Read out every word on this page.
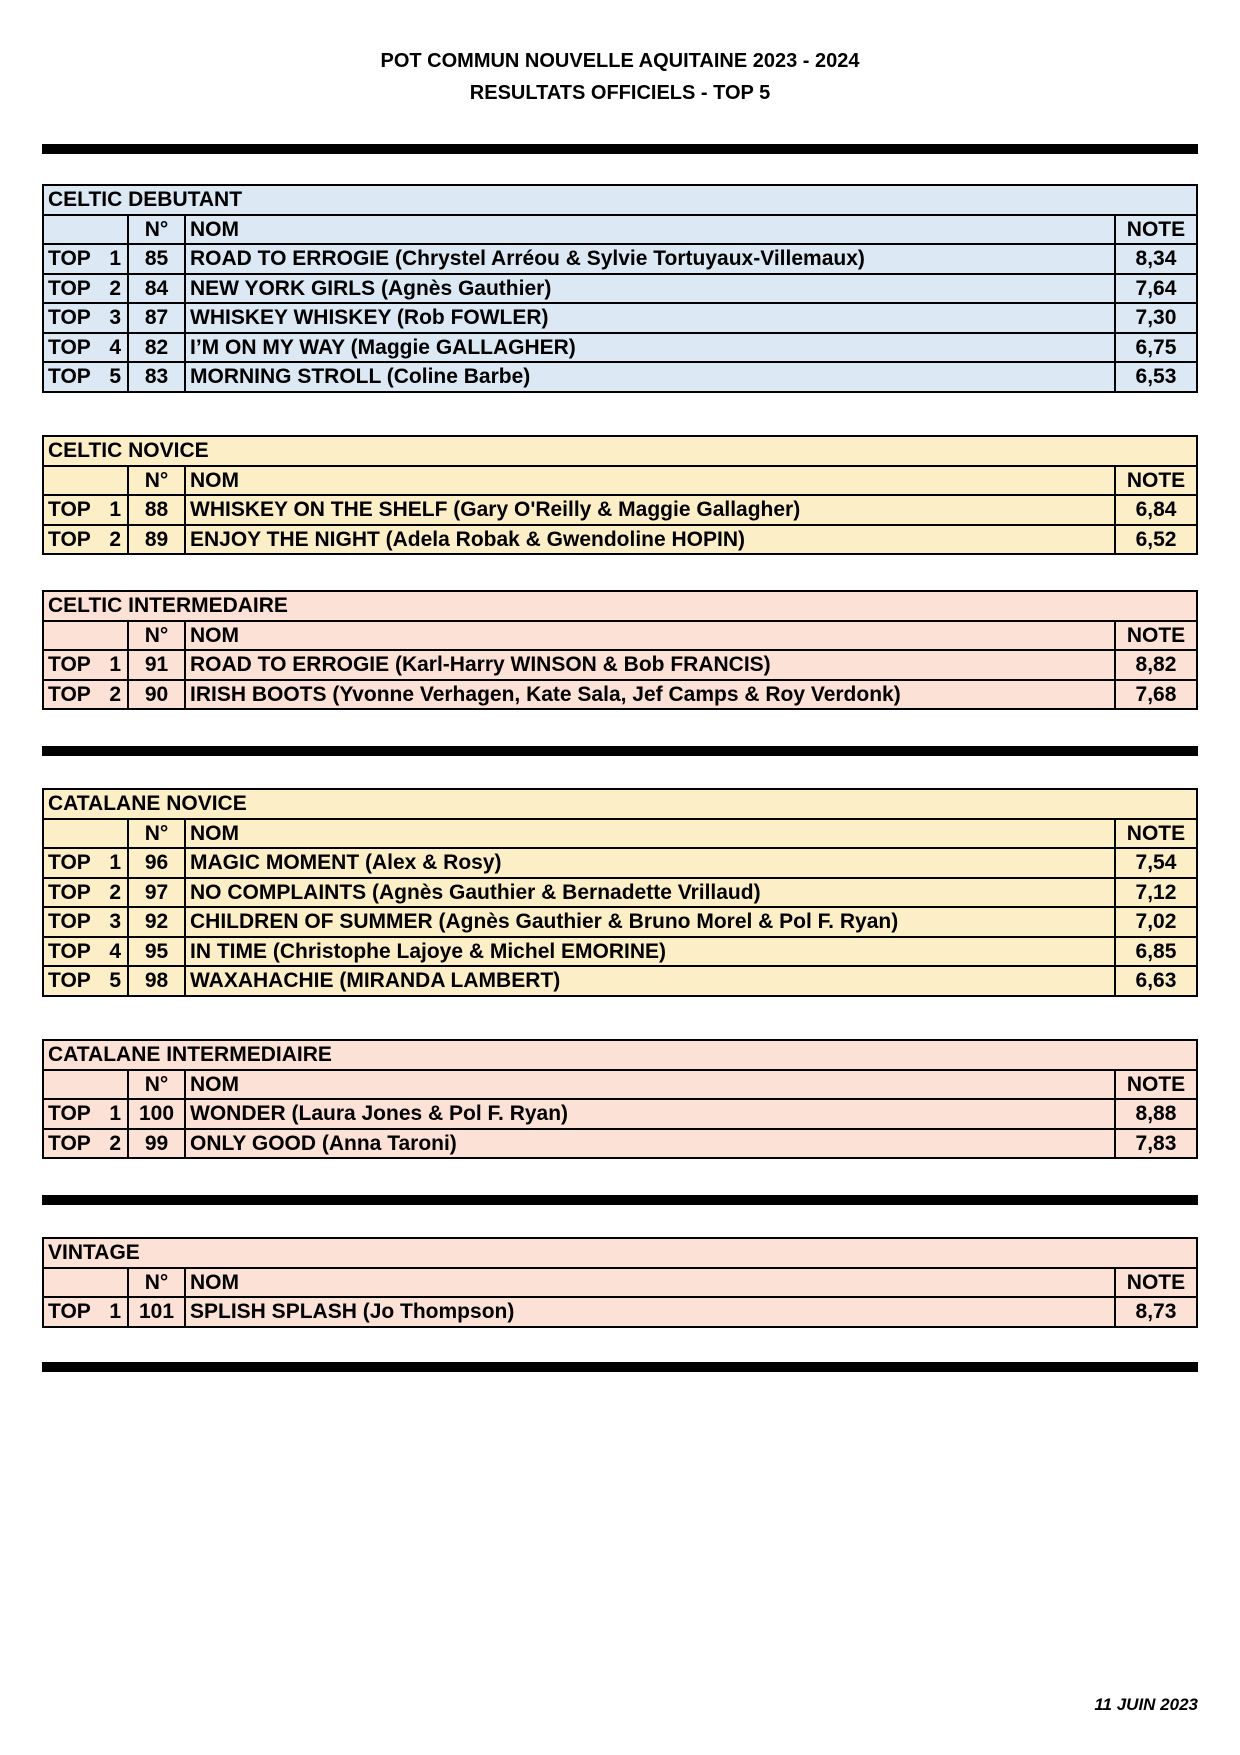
POT COMMUN NOUVELLE AQUITAINE 2023 - 2024
RESULTATS OFFICIELS - TOP 5
CELTIC DEBUTANT			
	N°	NOM	NOTE

TOP 1	85	ROAD TO ERROGIE (Chrystel Arréou & Sylvie Tortuyaux-Villemaux)	8,34

TOP 2	84	NEW YORK GIRLS (Agnès Gauthier)	7,64

TOP 3	87	WHISKEY WHISKEY (Rob FOWLER)	7,30

TOP 4	82	I’M ON MY WAY (Maggie GALLAGHER)	6,75

TOP 5	83	MORNING STROLL (Coline Barbe)	6,53
CELTIC NOVICE			
	N°	NOM	NOTE

TOP 1	88	WHISKEY ON THE SHELF (Gary O'Reilly & Maggie Gallagher)	6,84

TOP 2	89	ENJOY THE NIGHT (Adela Robak & Gwendoline HOPIN)	6,52
CELTIC INTERMEDAIRE			
	N°	NOM	NOTE

TOP 1	91	ROAD TO ERROGIE (Karl-Harry WINSON & Bob FRANCIS)	8,82

TOP 2	90	IRISH BOOTS (Yvonne Verhagen, Kate Sala, Jef Camps & Roy Verdonk)	7,68
CATALANE NOVICE			
	N°	NOM	NOTE

TOP 1	96	MAGIC MOMENT (Alex & Rosy)	7,54

TOP 2	97	NO COMPLAINTS (Agnès Gauthier & Bernadette Vrillaud)	7,12

TOP 3	92	CHILDREN OF SUMMER (Agnès Gauthier & Bruno Morel & Pol F. Ryan)	7,02

TOP 4	95	IN TIME (Christophe Lajoye & Michel EMORINE)	6,85

TOP 5	98	WAXAHACHIE (MIRANDA LAMBERT)	6,63
CATALANE INTERMEDIAIRE			
	N°	NOM	NOTE

TOP 1	100	WONDER (Laura Jones & Pol F. Ryan)	8,88

TOP 2	99	ONLY GOOD (Anna Taroni)	7,83
VINTAGE			
	N°	NOM	NOTE

TOP 1	101	SPLISH SPLASH (Jo Thompson)	8,73
11 JUIN 2023
